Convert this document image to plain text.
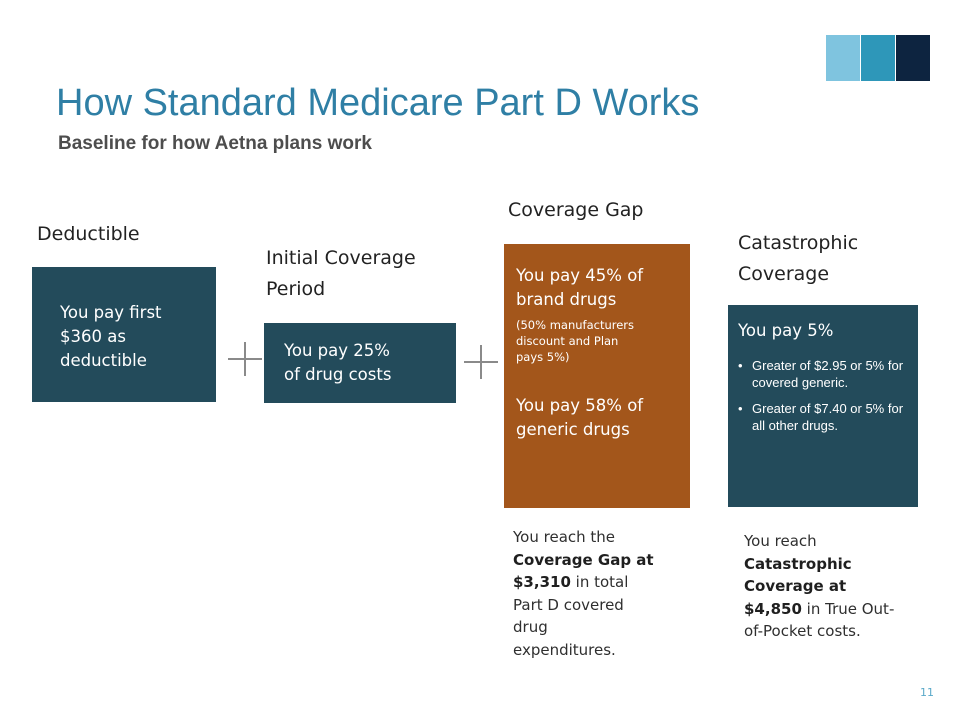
How Standard Medicare Part D Works
Baseline for how Aetna plans work
Deductible
You pay first
$360 as
deductible
Initial Coverage
Period
You pay 25%
of drug costs
Coverage Gap
You pay 45% of
brand drugs
(50% manufacturers
discount and Plan
pays 5%)
You pay 58% of
generic drugs
You reach the
Coverage Gap at
$3,310 in total
Part D covered
drug
expenditures.
Catastrophic
Coverage
You pay 5%
• Greater of $2.95 or 5% for covered generic.
• Greater of $7.40 or 5% for all other drugs.
You reach
Catastrophic
Coverage at
$4,850 in True Out-
of-Pocket costs.
11
